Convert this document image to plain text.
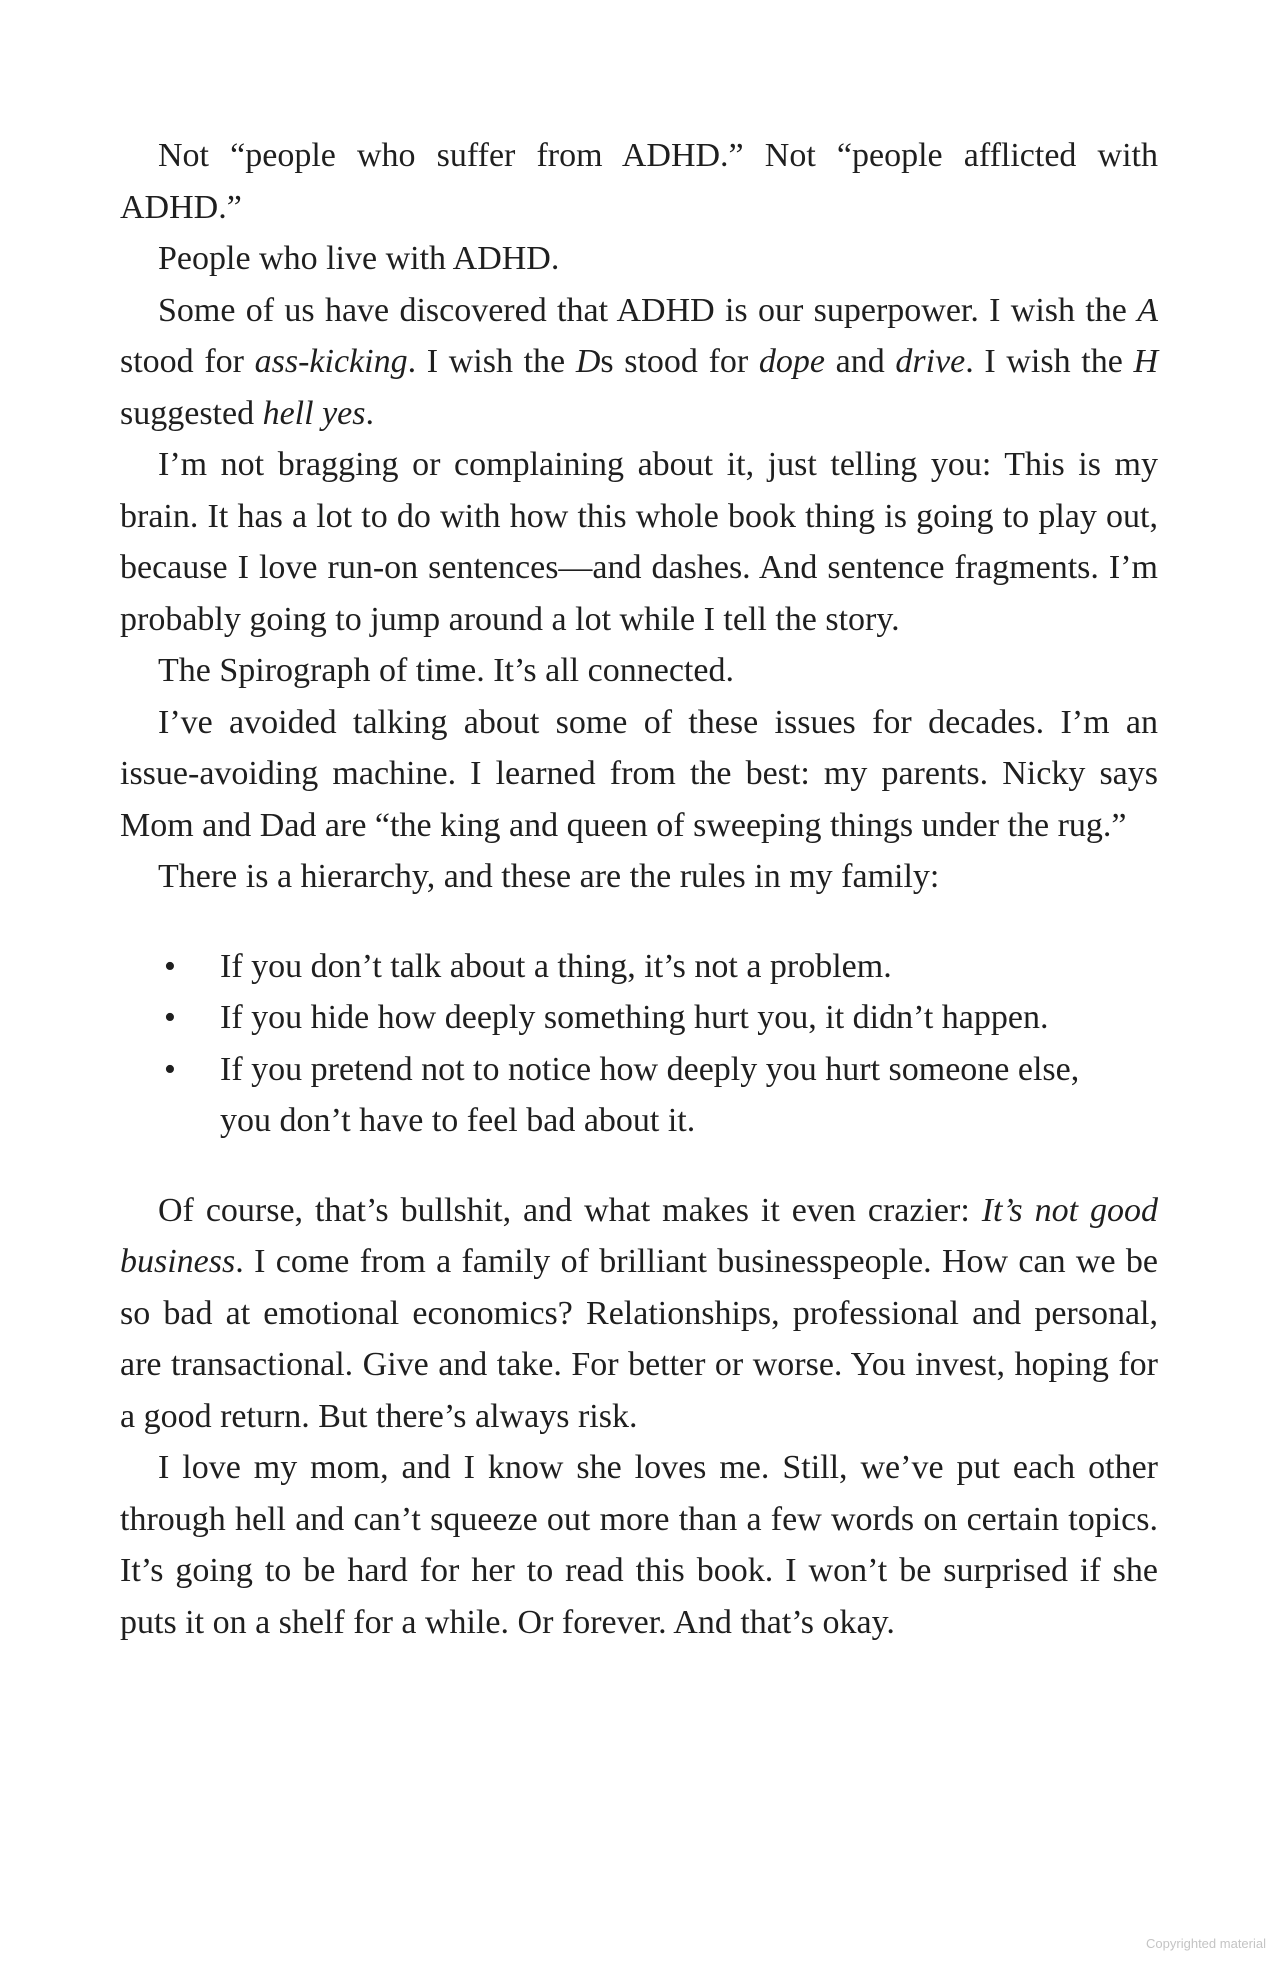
Not “people who suffer from ADHD.” Not “people afflicted with ADHD.”

People who live with ADHD.

Some of us have discovered that ADHD is our superpower. I wish the A stood for ass-kicking. I wish the Ds stood for dope and drive. I wish the H suggested hell yes.

I’m not bragging or complaining about it, just telling you: This is my brain. It has a lot to do with how this whole book thing is going to play out, because I love run-on sentences—and dashes. And sentence fragments. I’m probably going to jump around a lot while I tell the story.

The Spirograph of time. It’s all connected.

I’ve avoided talking about some of these issues for decades. I’m an issue-avoiding machine. I learned from the best: my parents. Nicky says Mom and Dad are “the king and queen of sweeping things under the rug.”

There is a hierarchy, and these are the rules in my family:

• If you don’t talk about a thing, it’s not a problem.
• If you hide how deeply something hurt you, it didn’t happen.
• If you pretend not to notice how deeply you hurt someone else, you don’t have to feel bad about it.

Of course, that’s bullshit, and what makes it even crazier: It’s not good business. I come from a family of brilliant businesspeople. How can we be so bad at emotional economics? Relationships, professional and personal, are transactional. Give and take. For better or worse. You invest, hoping for a good return. But there’s always risk.

I love my mom, and I know she loves me. Still, we’ve put each other through hell and can’t squeeze out more than a few words on certain topics. It’s going to be hard for her to read this book. I won’t be surprised if she puts it on a shelf for a while. Or forever. And that’s okay.

Copyrighted material
